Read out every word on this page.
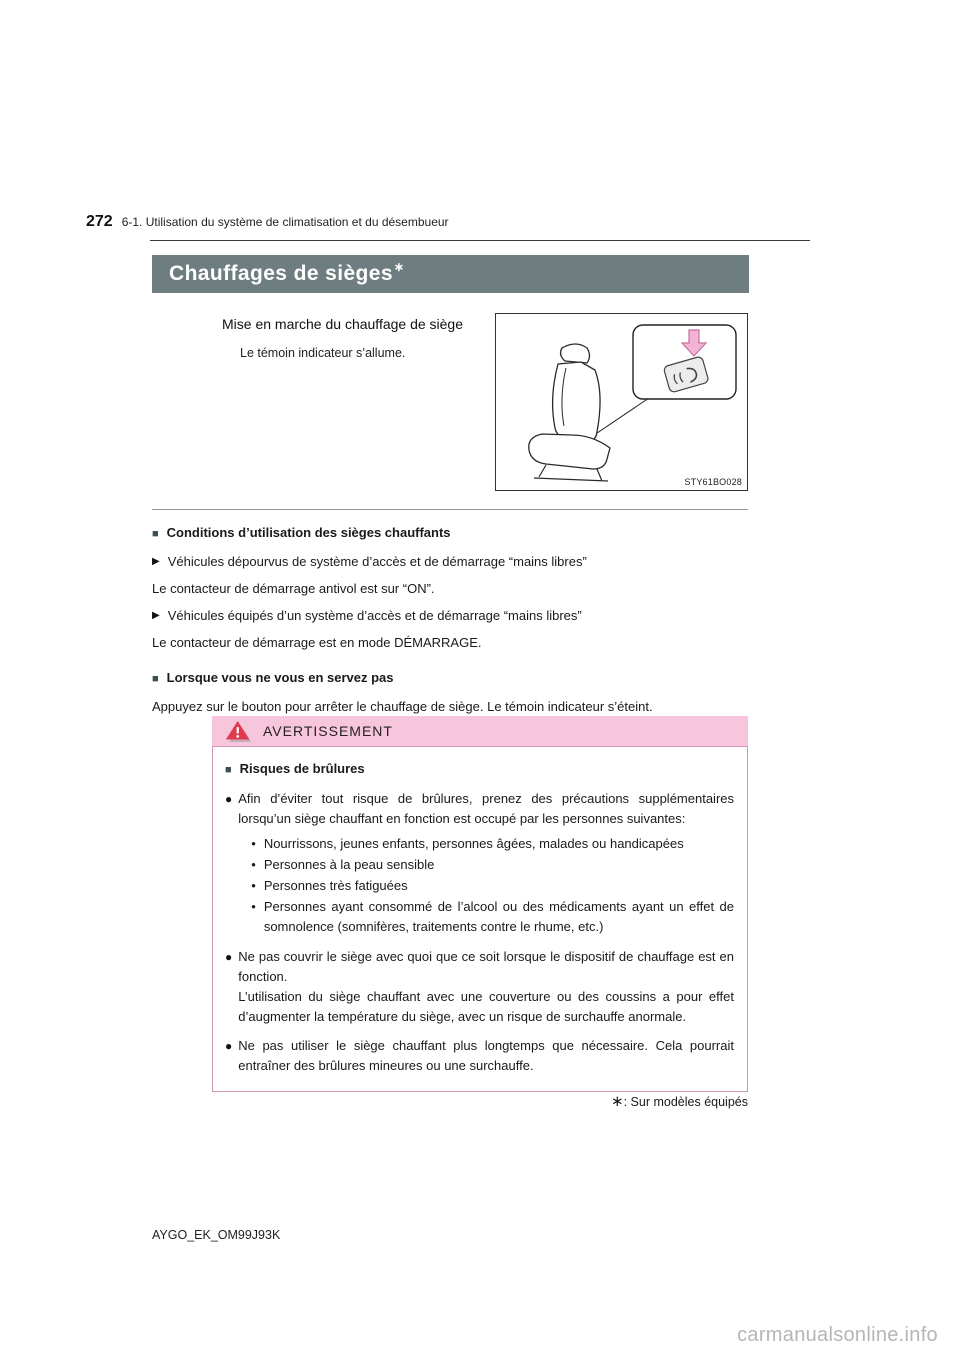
272 6-1. Utilisation du système de climatisation et du désembueur
Chauffages de sièges ∗
Mise en marche du chauffage de siège
Le témoin indicateur s’allume.
STY61BO028
■ Conditions d’utilisation des sièges chauffants
▶ Véhicules dépourvus de système d’accès et de démarrage “mains libres”
Le contacteur de démarrage antivol est sur “ON”.
▶ Véhicules équipés d’un système d’accès et de démarrage “mains libres”
Le contacteur de démarrage est en mode DÉMARRAGE.
■ Lorsque vous ne vous en servez pas
Appuyez sur le bouton pour arrêter le chauffage de siège. Le témoin indicateur s’éteint.
AVERTISSEMENT
■ Risques de brûlures
● Afin d’éviter tout risque de brûlures, prenez des précautions supplémentaires lorsqu’un siège chauffant en fonction est occupé par les personnes suivantes:
• Nourrissons, jeunes enfants, personnes âgées, malades ou handicapées
• Personnes à la peau sensible
• Personnes très fatiguées
• Personnes ayant consommé de l’alcool ou des médicaments ayant un effet de somnolence (somnifères, traitements contre le rhume, etc.)
● Ne pas couvrir le siège avec quoi que ce soit lorsque le dispositif de chauffage est en fonction.
L’utilisation du siège chauffant avec une couverture ou des coussins a pour effet d’augmenter la température du siège, avec un risque de surchauffe anormale.
● Ne pas utiliser le siège chauffant plus longtemps que nécessaire. Cela pourrait entraîner des brûlures mineures ou une surchauffe.
∗: Sur modèles équipés
AYGO_EK_OM99J93K
carmanualsonline.info
